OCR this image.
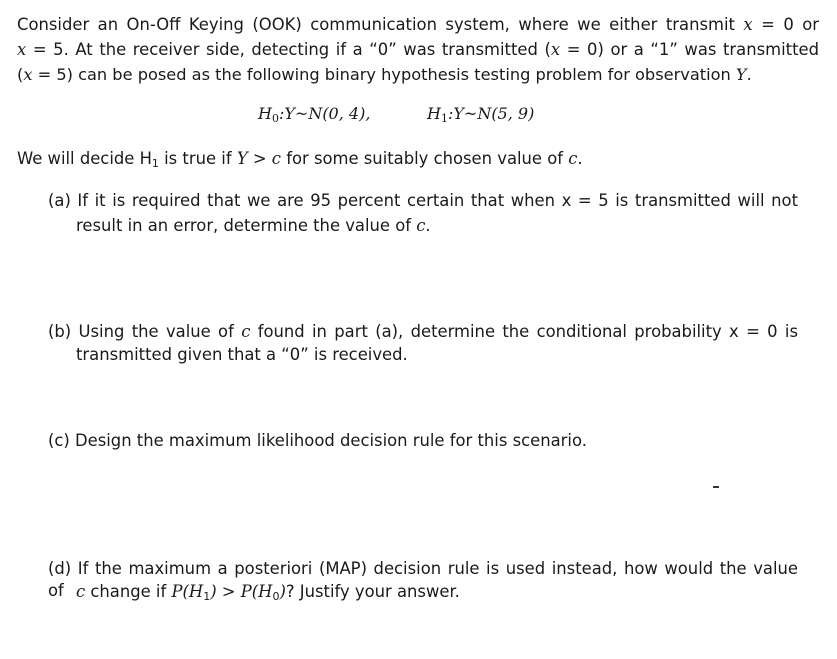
Consider an On-Off Keying (OOK) communication system, where we either transmit x = 0 or
x = 5. At the receiver side, detecting if a “0” was transmitted (x = 0) or a “1” was transmitted
(x = 5) can be posed as the following binary hypothesis testing problem for observation Y.
$H_0:Y\sim N(0$, 4),	$H_1:Y\sim N(5$, 9)
We will decide $H_1$ is true if Y > c for some suitably chosen value of c.
(a) If it is required that we are 95 percent certain that when x = 5 is transmitted will not
result in an error, determine the value of c.
(b) Using the value of c found in part (a), determine the conditional probability x = 0 is
transmitted given that a “0” is received.
(c) Design the maximum likelihood decision rule for this scenario.
(d) If the maximum a posteriori (MAP) decision rule is used instead, how would the value of c change if $P(H_1) > P(H_0)$? Justify your answer.
